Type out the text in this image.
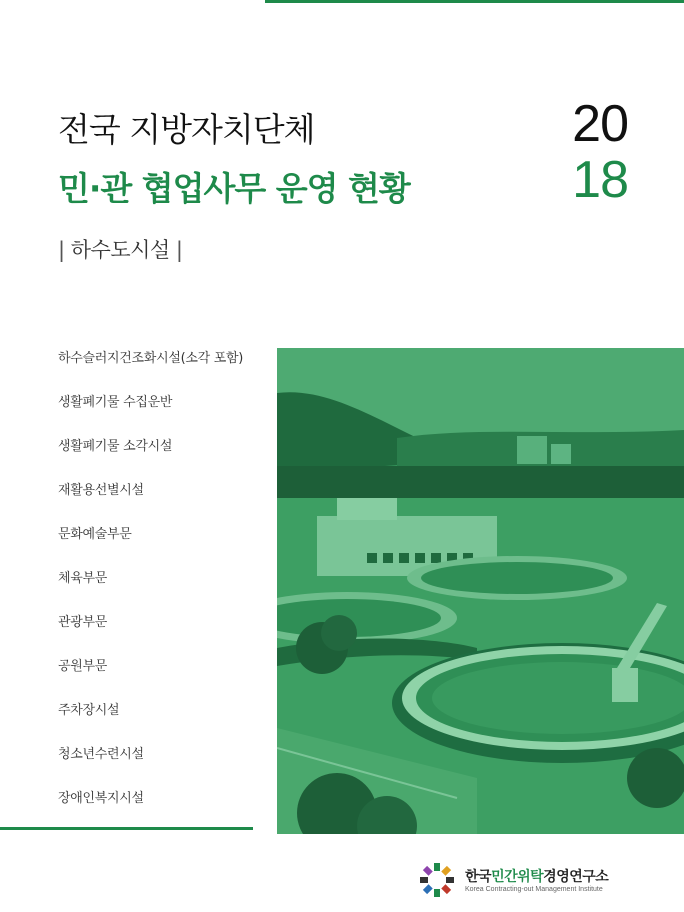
전국 지방자치단체
민·관 협업사무 운영 현황
20
18
| 하수도시설 |
하수슬러지건조화시설(소각 포함)
생활폐기물 수집운반
생활폐기물 소각시설
재활용선별시설
문화예술부문
체육부문
관광부문
공원부문
주차장시설
청소년수련시설
장애인복지시설
한국민간위탁경영연구소
Korea Contracting-out Management Institute
